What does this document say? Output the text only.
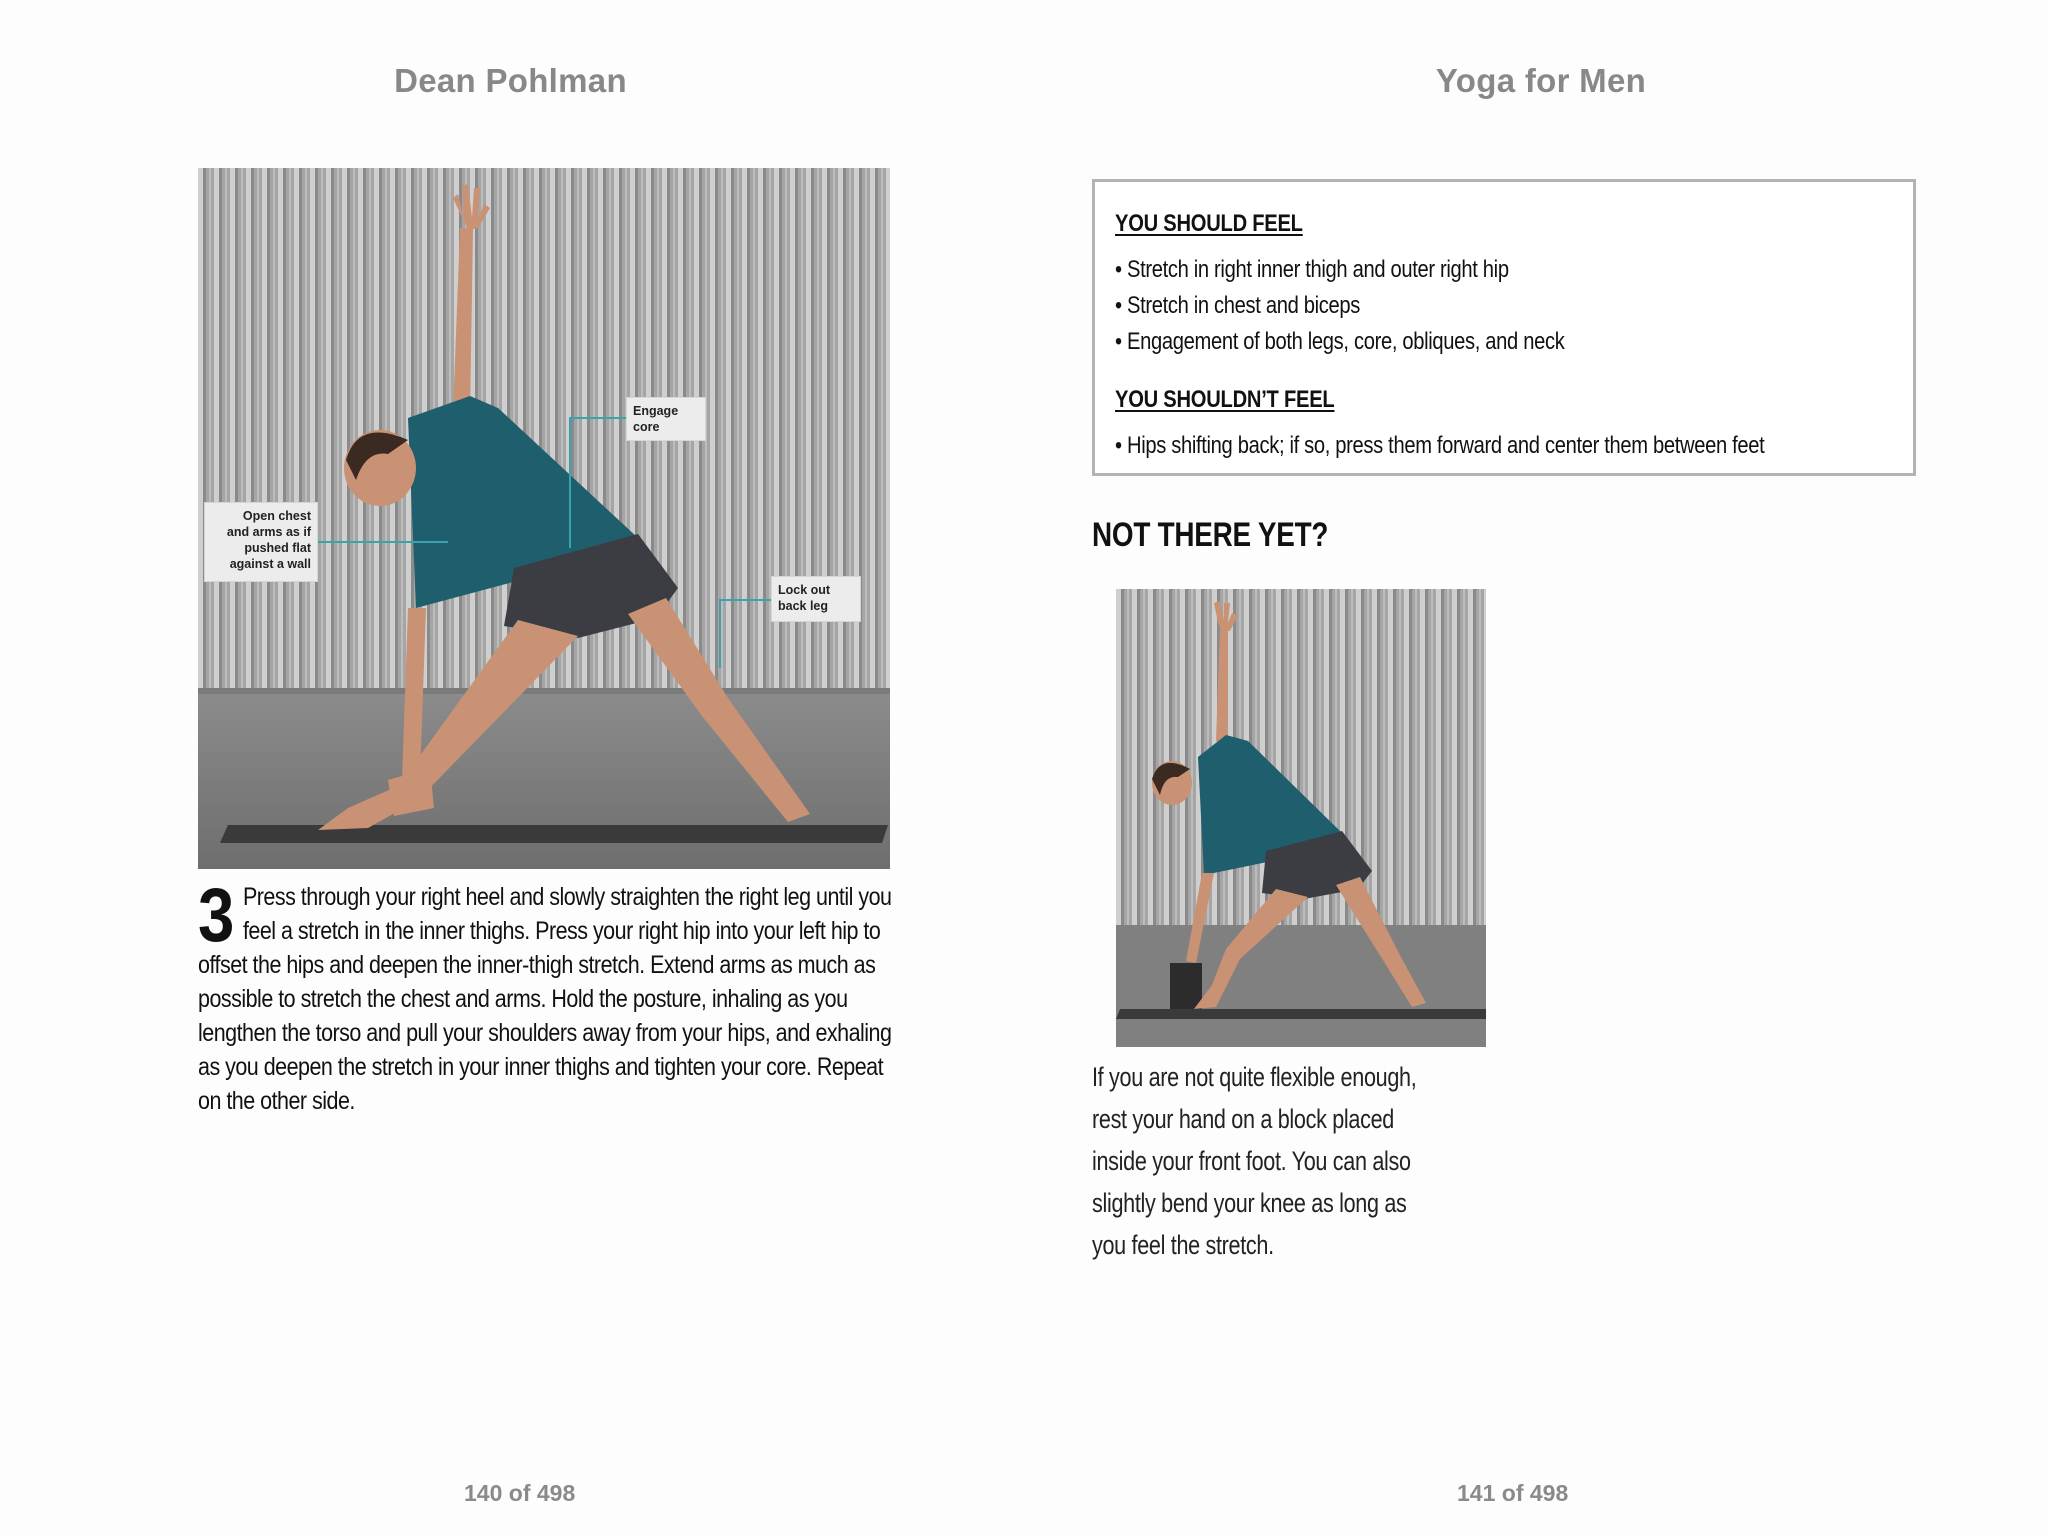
Dean Pohlman
Open chest
and arms as if
pushed flat
against a wall
Engage
core
Lock out
back leg
3 Press through your right heel and slowly straighten the right leg until you feel a stretch in the inner thighs. Press your right hip into your left hip to offset the hips and deepen the inner-thigh stretch. Extend arms as much as possible to stretch the chest and arms. Hold the posture, inhaling as you lengthen the torso and pull your shoulders away from your hips, and exhaling as you deepen the stretch in your inner thighs and tighten your core. Repeat on the other side.
140 of 498
Yoga for Men
YOU SHOULD FEEL
• Stretch in right inner thigh and outer right hip
• Stretch in chest and biceps
• Engagement of both legs, core, obliques, and neck
YOU SHOULDN’T FEEL
• Hips shifting back; if so, press them forward and center them between feet
NOT THERE YET?
If you are not quite flexible enough, rest your hand on a block placed inside your front foot. You can also slightly bend your knee as long as you feel the stretch.
141 of 498
